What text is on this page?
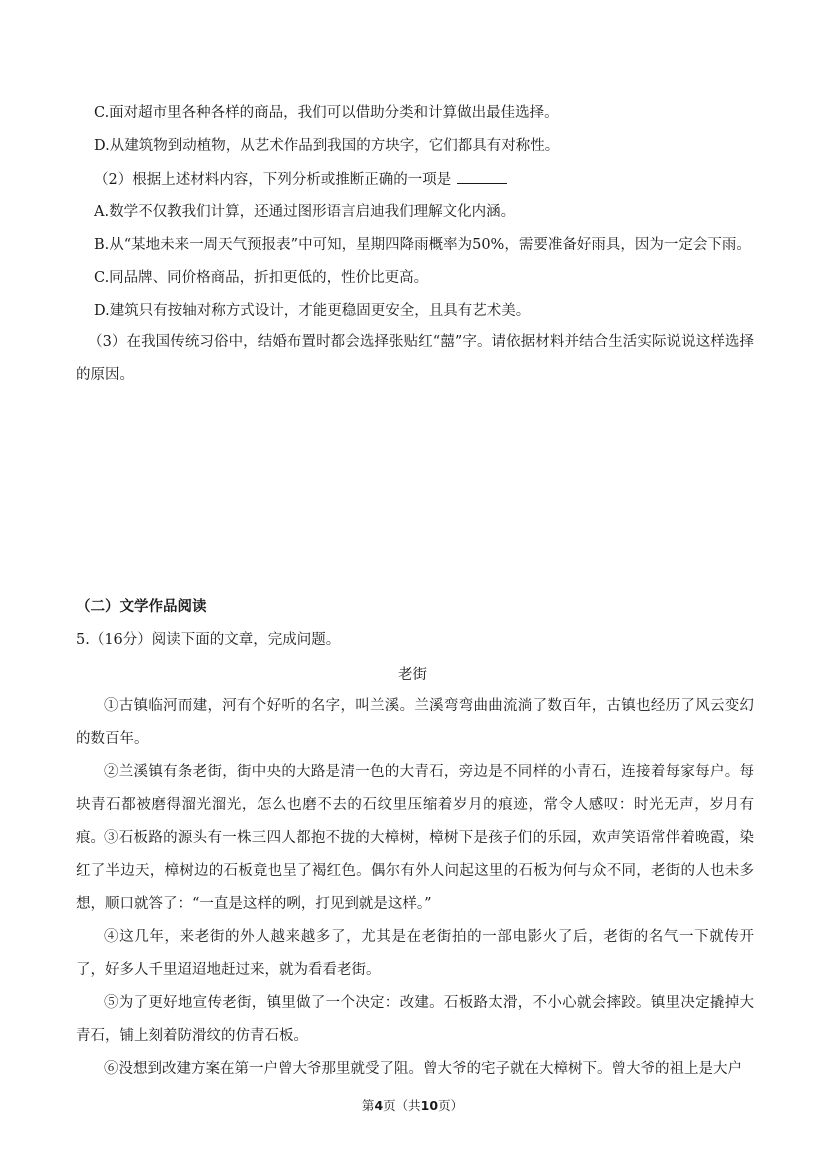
C.面对超市里各种各样的商品，我们可以借助分类和计算做出最佳选择。
D.从建筑物到动植物，从艺术作品到我国的方块字，它们都具有对称性。
（2）根据上述材料内容，下列分析或推断正确的一项是
A.数学不仅教我们计算，还通过图形语言启迪我们理解文化内涵。
B.从“某地未来一周天气预报表”中可知，星期四降雨概率为50%，需要准备好雨具，因为一定会下雨。
C.同品牌、同价格商品，折扣更低的，性价比更高。
D.建筑只有按轴对称方式设计，才能更稳固更安全，且具有艺术美。
（3）在我国传统习俗中，结婚布置时都会选择张贴红“囍”字。请依据材料并结合生活实际说说这样选择的原因。
（二）文学作品阅读
5.（16分）阅读下面的文章，完成问题。
老街
①古镇临河而建，河有个好听的名字，叫兰溪。兰溪弯弯曲曲流淌了数百年，古镇也经历了风云变幻的数百年。
②兰溪镇有条老街，街中央的大路是清一色的大青石，旁边是不同样的小青石，连接着每家每户。每块青石都被磨得溜光溜光，怎么也磨不去的石纹里压缩着岁月的痕迹，常令人感叹：时光无声，岁月有痕。 ③石板路的源头有一株三四人都抱不拢的大樟树，樟树下是孩子们的乐园，欢声笑语常伴着晚霞，染红了半边天，樟树边的石板竟也呈了褐红色。偶尔有外人问起这里的石板为何与众不同，老街的人也未多想，顺口就答了：“一直是这样的咧，打见到就是这样。”
④这几年，来老街的外人越来越多了，尤其是在老街拍的一部电影火了后，老街的名气一下就传开了，好多人千里迢迢地赶过来，就为看看老街。
⑤为了更好地宣传老街，镇里做了一个决定：改建。石板路太滑，不小心就会摔跤。镇里决定撬掉大青石，铺上刻着防滑纹的仿青石板。
⑥没想到改建方案在第一户曾大爷那里就受了阻。曾大爷的宅子就在大樟树下。曾大爷的祖上是大户
第4页（共10页）
